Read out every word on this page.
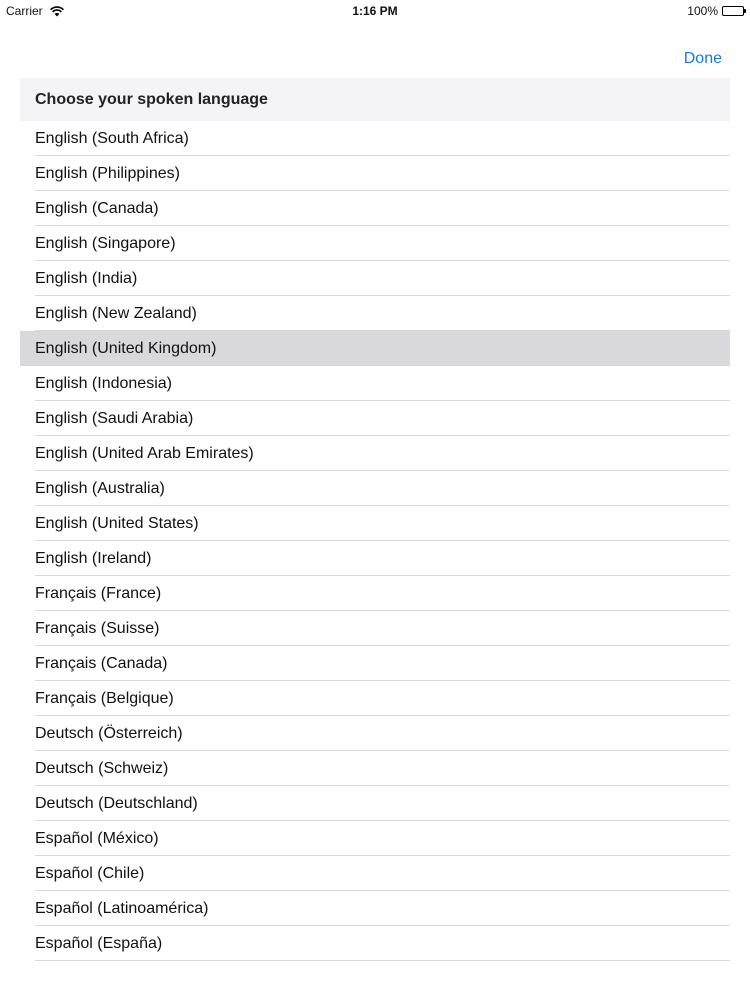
Carrier	1:16 PM	100%
Done
Choose your spoken language
English (South Africa)
English (Philippines)
English (Canada)
English (Singapore)
English (India)
English (New Zealand)
English (United Kingdom)
English (Indonesia)
English (Saudi Arabia)
English (United Arab Emirates)
English (Australia)
English (United States)
English (Ireland)
Français (France)
Français (Suisse)
Français (Canada)
Français (Belgique)
Deutsch (Österreich)
Deutsch (Schweiz)
Deutsch (Deutschland)
Español (México)
Español (Chile)
Español (Latinoamérica)
Español (España)
